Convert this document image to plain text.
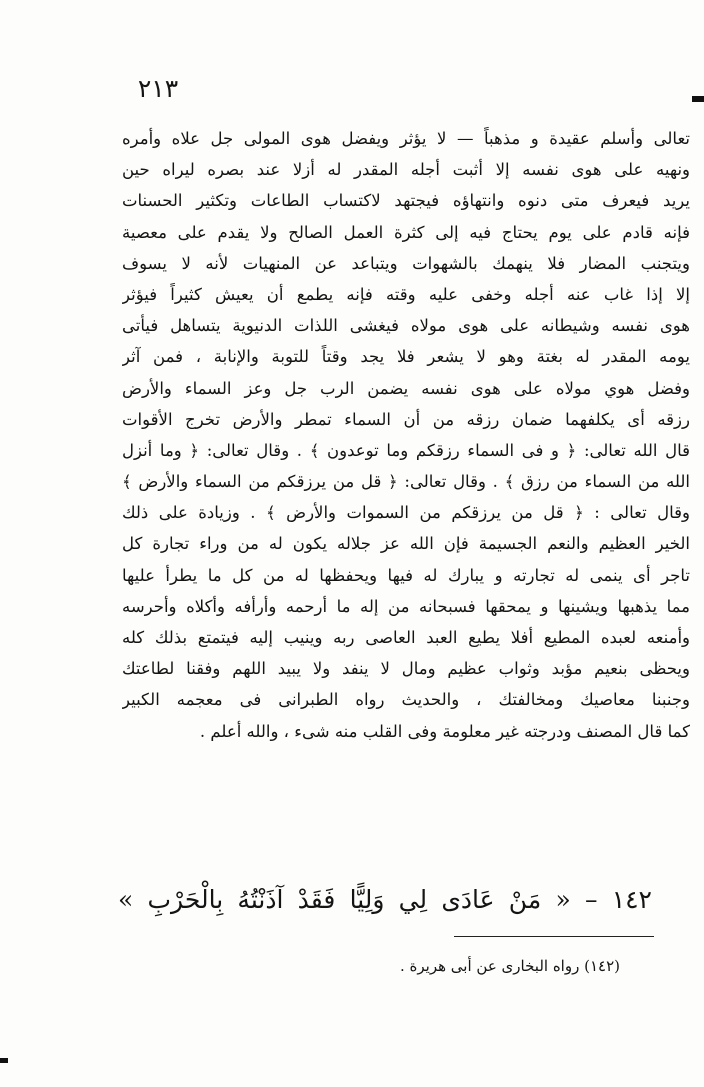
٢١٣
تعالى وأسلم عقيدة و مذهباً — لا يؤثر ويفضل هوى المولى جل علاه وأمره
ونهيه على هوى نفسه إلا أثبت أجله المقدر له أزلا عند بصره ليراه حين
يريد فيعرف متى دنوه وانتهاؤه فيجتهد لاكتساب الطاعات وتكثير الحسنات
فإنه قادم على يوم يحتاج فيه إلى كثرة العمل الصالح ولا يقدم على معصية
ويتجنب المضار فلا ينهمك بالشهوات ويتباعد عن المنهيات لأنه لا يسوف
إلا إذا غاب عنه أجله وخفى عليه وقته فإنه يطمع أن يعيش كثيراً فيؤثر
هوى نفسه وشيطانه على هوى مولاه فيغشى اللذات الدنيوية يتساهل فيأتى
يومه المقدر له بغتة وهو لا يشعر فلا يجد وقتاً للتوبة والإنابة ، فمن آثر
وفضل هوي مولاه على هوى نفسه يضمن الرب جل وعز السماء والأرض
رزقه أى يكلفهما ضمان رزقه من أن السماء تمطر والأرض تخرج الأقوات
قال الله تعالى: ﴿ و فى السماء رزقكم وما توعدون ﴾ . وقال تعالى: ﴿ وما أنزل
الله من السماء من رزق ﴾ . وقال تعالى: ﴿ قل من يرزقكم من السماء والأرض ﴾
وقال تعالى : ﴿ قل من يرزقكم من السموات والأرض ﴾ . وزيادة على ذلك
الخير العظيم والنعم الجسيمة فإن الله عز جلاله يكون له من وراء تجارة كل
تاجر أى ينمى له تجارته و يبارك له فيها ويحفظها له من كل ما يطرأ عليها
مما يذهبها ويشينها و يمحقها فسبحانه من إله ما أرحمه وأرأفه وأكلاه وأحرسه
وأمنعه لعبده المطيع أفلا يطيع العبد العاصى ربه وينيب إليه فيتمتع بذلك كله
ويحظى بنعيم مؤبد وثواب عظيم ومال لا ينفد ولا يبيد اللهم وفقنا لطاعتك
وجنبنا معاصيك ومخالفتك ، والحديث رواه الطبرانى فى معجمه الكبير
كما قال المصنف ودرجته غير معلومة وفى القلب منه شىء ، والله أعلم .
١٤٢ – « مَنْ عَادَى لِي وَلِيًّا فَقَدْ آذَنْتُهُ بِالْحَرْبِ »
(١٤٢) رواه البخارى عن أبى هريرة .
